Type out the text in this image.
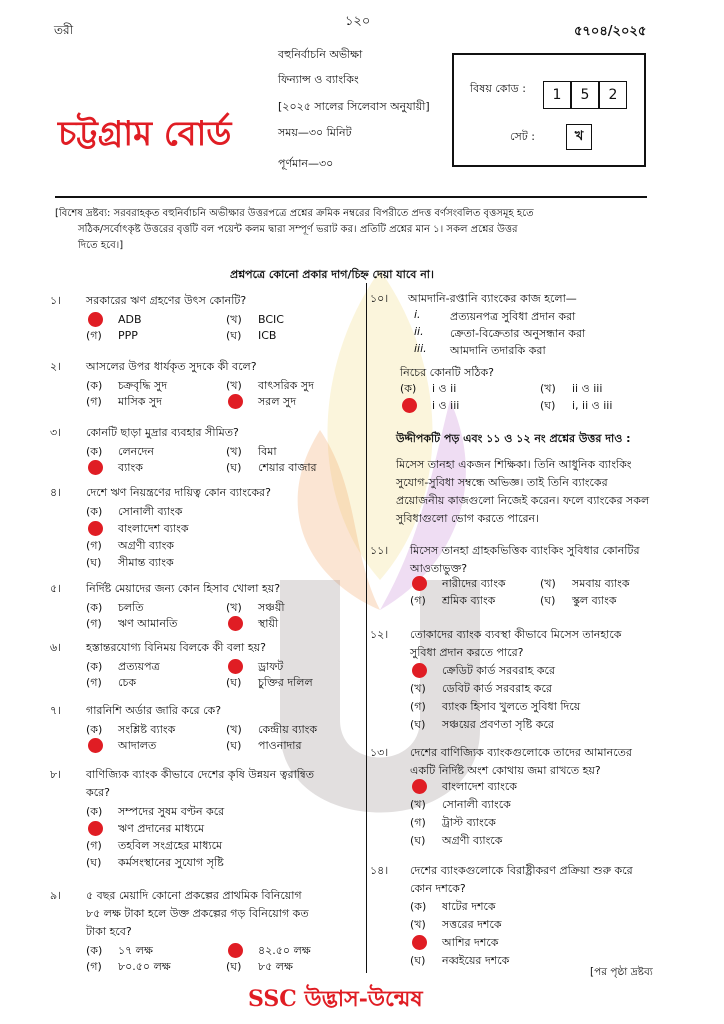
তরী
১২০
৫৭০৪/২০২৫
বহুনির্বাচনি অভীক্ষা
ফিন্যান্স ও ব্যাংকিং
[২০২৫ সালের সিলেবাস অনুযায়ী]
চট্টগ্রাম বোর্ড	সময়—৩০ মিনিট
পূর্ণমান—৩০
বিষয় কোড :	1	5	2
সেট :	খ
[বিশেষ দ্রষ্টব্য: সরবরাহকৃত বহুনির্বাচনি অভীক্ষার উত্তরপত্রে প্রশ্নের ক্রমিক নম্বরের বিপরীতে প্রদত্ত বর্ণসংবলিত বৃত্তসমূহ হতে
সঠিক/সর্বোৎকৃষ্ট উত্তরের বৃত্তটি বল পয়েন্ট কলম দ্বারা সম্পূর্ণ ভরাট কর। প্রতিটি প্রশ্নের মান ১। সকল প্রশ্নের উত্তর
দিতে হবে।]
প্রশ্নপত্রে কোনো প্রকার দাগ/চিহ্ন দেয়া যাবে না।
১। সরকারের ঋণ গ্রহণের উৎস কোনটি?
ADB	(খ) BCIC
(গ) PPP	(ঘ) ICB
২। আসলের উপর ধার্যকৃত সুদকে কী বলে?
(ক) চক্রবৃদ্ধি সুদ	(খ) বাৎসরিক সুদ
(গ) মাসিক সুদ	সরল সুদ
৩। কোনটি ছাড়া মুদ্রার ব্যবহার সীমিত?
(ক) লেনদেন	(খ) বিমা
ব্যাংক	(ঘ) শেয়ার বাজার
৪। দেশে ঋণ নিয়ন্ত্রণের দায়িত্ব কোন ব্যাংকের?
(ক) সোনালী ব্যাংক
বাংলাদেশ ব্যাংক
(গ) অগ্রণী ব্যাংক
(ঘ) সীমান্ত ব্যাংক
৫। নির্দিষ্ট মেয়াদের জন্য কোন হিসাব খোলা হয়?
(ক) চলতি	(খ) সঞ্চয়ী
(গ) ঋণ আমানতি	স্থায়ী
৬। হস্তান্তরযোগ্য বিনিময় বিলকে কী বলা হয়?
(ক) প্রত্যয়পত্র	ড্রাফট
(গ) চেক	(ঘ) চুক্তির দলিল
৭। গারনিশি অর্ডার জারি করে কে?
(ক) সংশ্লিষ্ট ব্যাংক	(খ) কেন্দ্রীয় ব্যাংক
আদালত	(ঘ) পাওনাদার
৮। বাণিজ্যিক ব্যাংক কীভাবে দেশের কৃষি উন্নয়ন ত্বরান্বিত
করে?
(ক) সম্পদের সুষম বণ্টন করে
ঋণ প্রদানের মাধ্যমে
(গ) তহবিল সংগ্রহের মাধ্যমে
(ঘ) কর্মসংস্থানের সুযোগ সৃষ্টি
৯। ৫ বছর মেয়াদি কোনো প্রকল্পের প্রাথমিক বিনিয়োগ
৮৫ লক্ষ টাকা হলে উক্ত প্রকল্পের গড় বিনিয়োগ কত
টাকা হবে?
(ক) ১৭ লক্ষ	৪২.৫০ লক্ষ
(গ) ৮০.৫০ লক্ষ	(ঘ) ৮৫ লক্ষ
১০। আমদানি-রপ্তানি ব্যাংকের কাজ হলো—
i.	প্রত্যয়নপত্র সুবিধা প্রদান করা
ii. ক্রেতা-বিক্রেতার অনুসন্ধান করা
iii. আমদানি তদারকি করা
নিচের কোনটি সঠিক?
(ক) i ও ii	(খ) ii ও iii
i ও iii	(ঘ) i, ii ও iii
উদ্দীপকটি পড় এবং ১১ ও ১২ নং প্রশ্নের উত্তর দাও :
মিসেস তানহা একজন শিক্ষিকা। তিনি আধুনিক ব্যাংকিং
সুযোগ-সুবিধা সম্বন্ধে অভিজ্ঞ। তাই তিনি ব্যাংকের
প্রয়োজনীয় কাজগুলো নিজেই করেন। ফলে ব্যাংকের সকল
সুবিধাগুলো ভোগ করতে পারেন।
১১। মিসেস তানহা গ্রাহকভিত্তিক ব্যাংকিং সুবিধার কোনটির
আওতাভুক্ত?
নারীদের ব্যাংক	(খ) সমবায় ব্যাংক
(গ) শ্রমিক ব্যাংক	(ঘ) স্কুল ব্যাংক
১২। তোকাদের ব্যাংক ব্যবস্থা কীভাবে মিসেস তানহাকে
সুবিধা প্রদান করতে পারে?
ক্রেডিট কার্ড সরবরাহ করে
(খ) ডেবিট কার্ড সরবরাহ করে
(গ) ব্যাংক হিসাব খুলতে সুবিধা দিয়ে
(ঘ) সঞ্চয়ের প্রবণতা সৃষ্টি করে
১৩। দেশের বাণিজ্যিক ব্যাংকগুলোকে তাদের আমানতের
একটি নির্দিষ্ট অংশ কোথায় জমা রাখতে হয়?
বাংলাদেশ ব্যাংকে
(খ) সোনালী ব্যাংকে
(গ) ট্রাস্ট ব্যাংকে
(ঘ) অগ্রণী ব্যাংকে
১৪। দেশের ব্যাংকগুলোকে বিরাষ্ট্রীকরণ প্রক্রিয়া শুরু করে
কোন দশকে?
(ক) ষাটের দশকে
(খ) সত্তরের দশকে
আশির দশকে
(ঘ) নব্বইয়ের দশকে
[পর পৃষ্ঠা দ্রষ্টব্য
SSC উদ্ভাস-উন্মেষ
